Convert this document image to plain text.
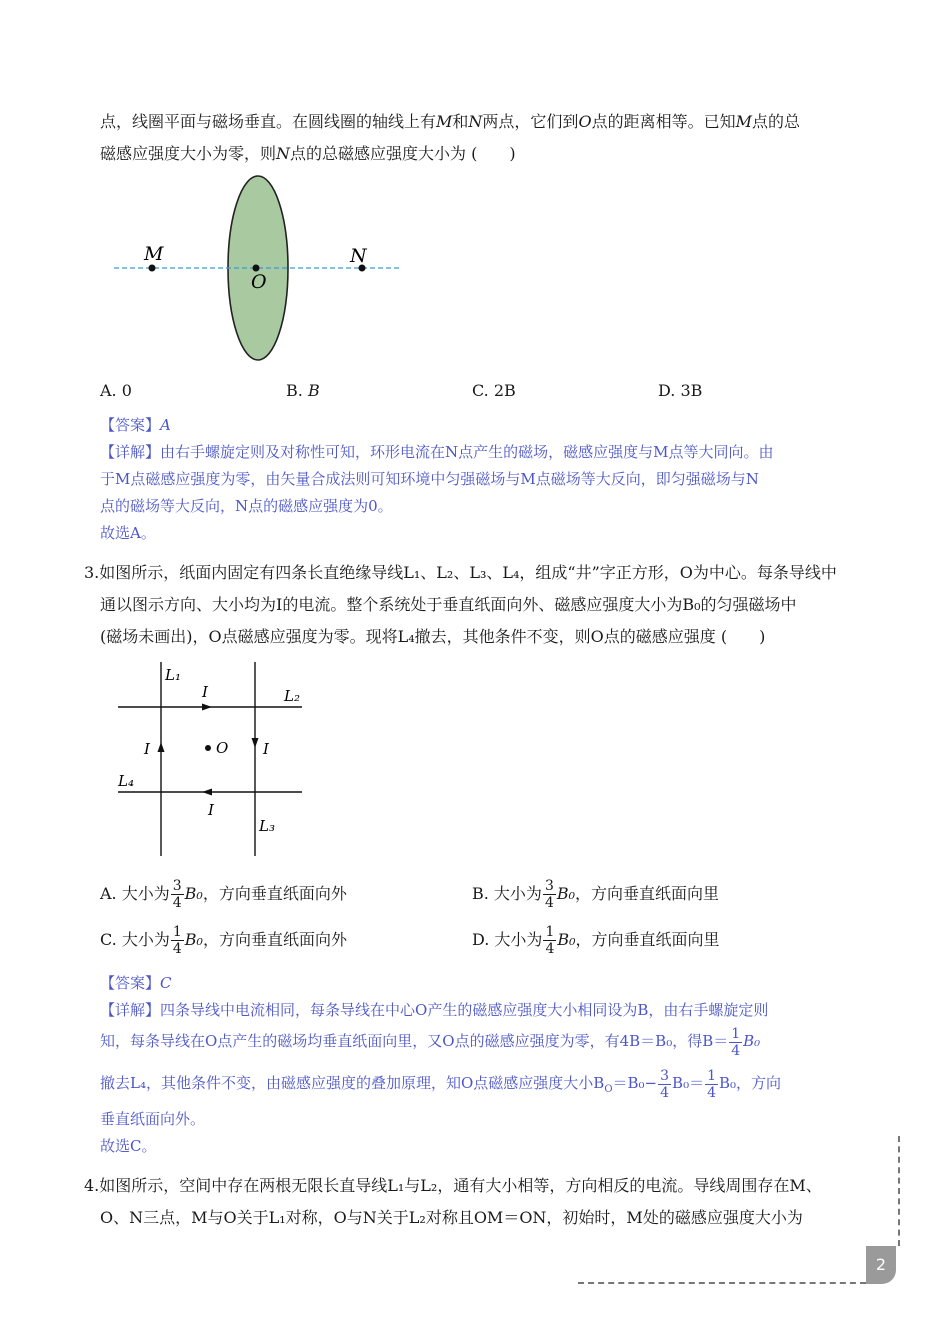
点，线圈平面与磁场垂直。在圆线圈的轴线上有M和N两点，它们到O点的距离相等。已知M点的总
磁感应强度大小为零，则N点的总磁感应强度大小为 (　　)
M
O
N
A. 0	B. B	C. 2B	D. 3B
【答案】A
【详解】由右手螺旋定则及对称性可知，环形电流在N点产生的磁场，磁感应强度与M点等大同向。由
于M点磁感应强度为零，由矢量合成法则可知环境中匀强磁场与M点磁场等大反向，即匀强磁场与N
点的磁场等大反向，N点的磁感应强度为0。
故选A。
3.如图所示，纸面内固定有四条长直绝缘导线L₁、L₂、L₃、L₄，组成“井”字正方形，O为中心。每条导线中
通以图示方向、大小均为I的电流。整个系统处于垂直纸面向外、磁感应强度大小为B₀的匀强磁场中
(磁场未画出)，O点磁感应强度为零。现将L₄撤去，其他条件不变，则O点的磁感应强度 (　　)
L₁
L₂
L₃
L₄
I
I	I
I
O
A. 大小为 $\frac{3}{4} B_0$，方向垂直纸面向外	B. 大小为 $\frac{3}{4} B_0$，方向垂直纸面向里
C. 大小为 $\frac{1}{4} B_0$，方向垂直纸面向外	D. 大小为 $\frac{1}{4} B_0$，方向垂直纸面向里
【答案】C
【详解】四条导线中电流相同，每条导线在中心O产生的磁感应强度大小相同设为B，由右手螺旋定则
知，每条导线在O点产生的磁场均垂直纸面向里，又O点的磁感应强度为零，有4B＝B₀，得$B= \frac{1}{4} B_0$
撤去L₄，其他条件不变，由磁感应强度的叠加原理，知O点磁感应强度大小$B_O=B_0- \frac{3}{4} B_0= \frac{1}{4} B_0$，方向
垂直纸面向外。
故选C。
4.如图所示，空间中存在两根无限长直导线L₁与L₂，通有大小相等，方向相反的电流。导线周围存在M、
O、N三点，M与O关于L₁对称，O与N关于L₂对称且OM＝ON，初始时，M处的磁感应强度大小为
2
